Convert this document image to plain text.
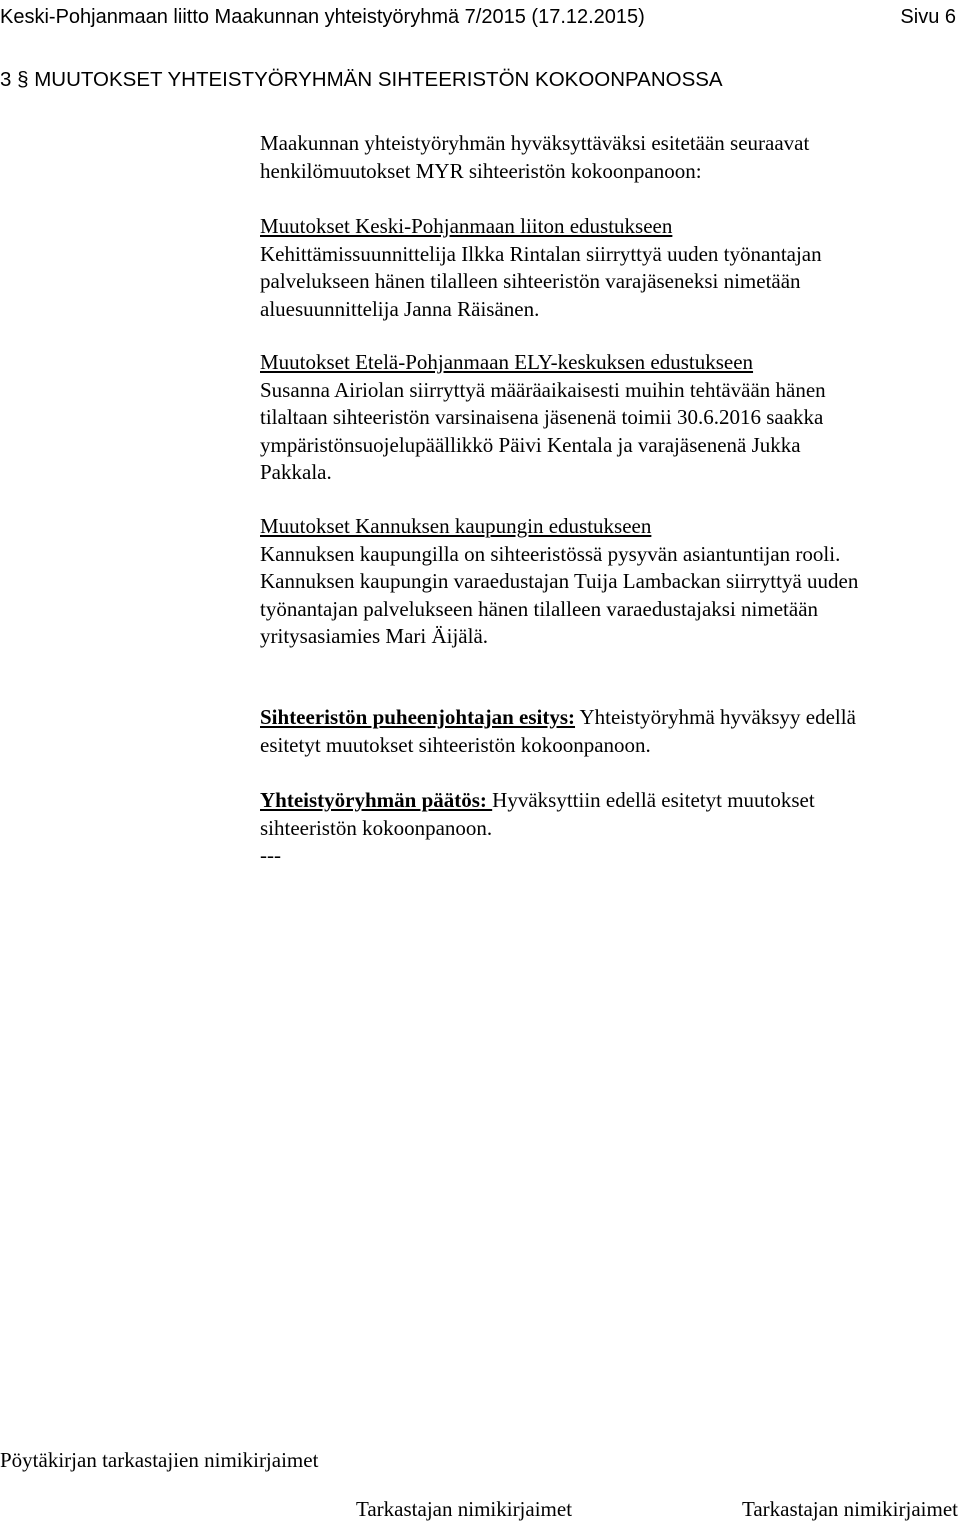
Keski-Pohjanmaan liitto Maakunnan yhteistyöryhmä 7/2015 (17.12.2015)	Sivu 6
3 § MUUTOKSET YHTEISTYÖRYHMÄN SIHTEERISTÖN KOKOONPANOSSA
Maakunnan yhteistyöryhmän hyväksyttäväksi esitetään seuraavat
henkilömuutokset MYR sihteeristön kokoonpanoon:
Muutokset Keski-Pohjanmaan liiton edustukseen
Kehittämissuunnittelija Ilkka Rintalan siirryttyä uuden työnantajan
palvelukseen hänen tilalleen sihteeristön varajäseneksi nimetään
aluesuunnittelija Janna Räisänen.
Muutokset Etelä-Pohjanmaan ELY-keskuksen edustukseen
Susanna Airiolan siirryttyä määräaikaisesti muihin tehtävään hänen
tilaltaan sihteeristön varsinaisena jäsenenä toimii 30.6.2016 saakka
ympäristönsuojelupäällikkö Päivi Kentala ja varajäsenenä Jukka
Pakkala.
Muutokset Kannuksen kaupungin edustukseen
Kannuksen kaupungilla on sihteeristössä pysyvän asiantuntijan rooli.
Kannuksen kaupungin varaedustajan Tuija Lambackan siirryttyä uuden
työnantajan palvelukseen hänen tilalleen varaedustajaksi nimetään
yritysasiamies Mari Äijälä.
Sihteeristön puheenjohtajan esitys: Yhteistyöryhmä hyväksyy edellä
esitetyt muutokset sihteeristön kokoonpanoon.
Yhteistyöryhmän päätös: Hyväksyttiin edellä esitetyt muutokset
sihteeristön kokoonpanoon.
---
Pöytäkirjan tarkastajien nimikirjaimet
Tarkastajan nimikirjaimet	Tarkastajan nimikirjaimet
